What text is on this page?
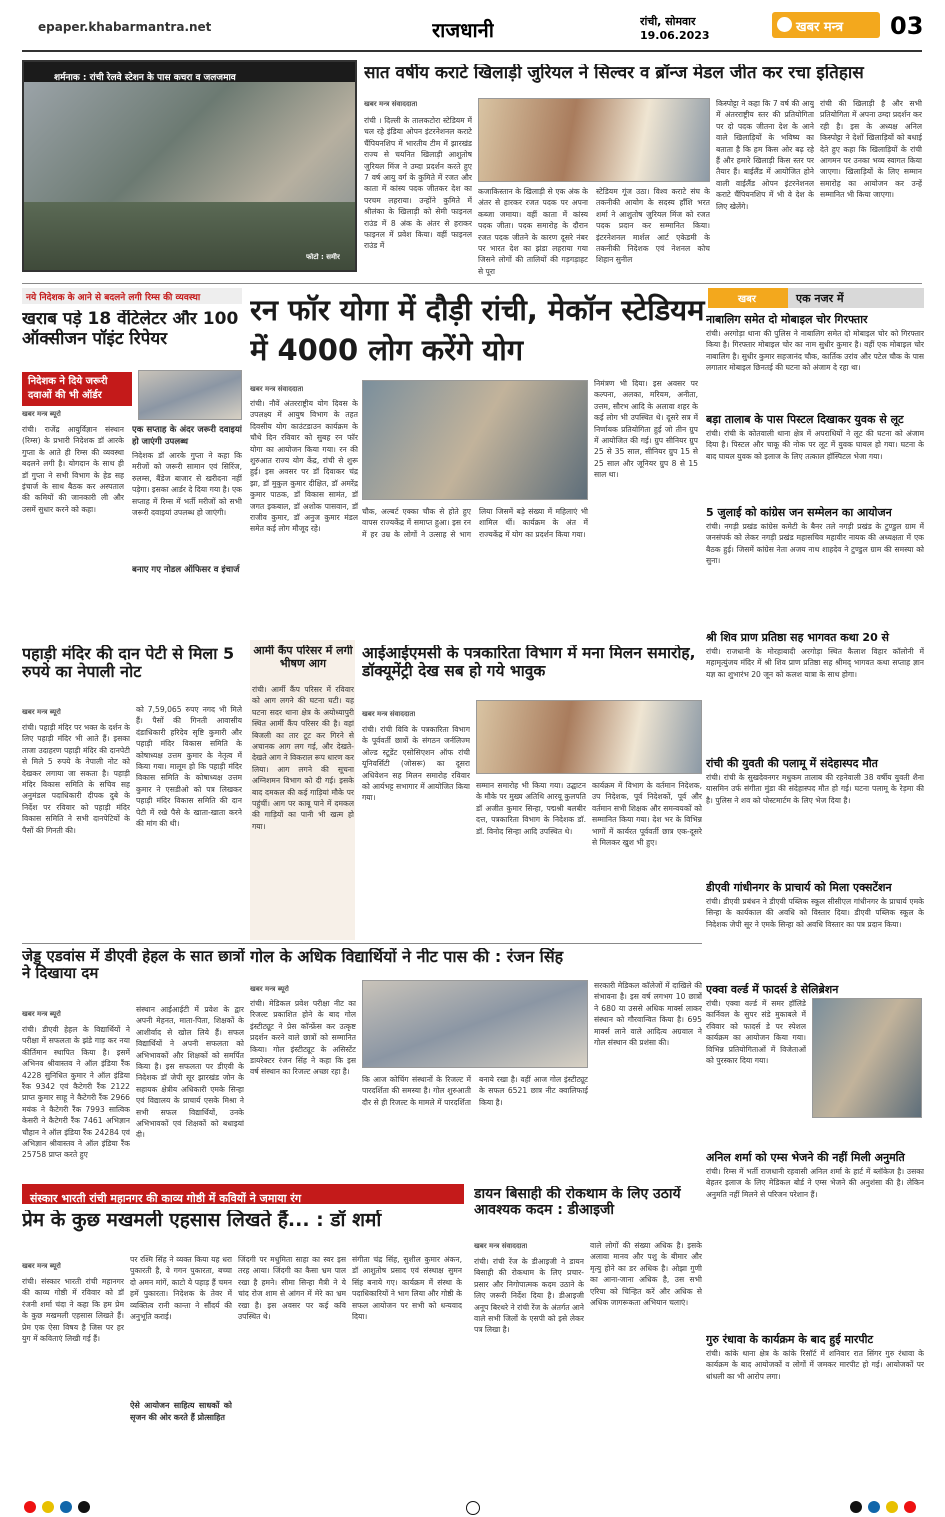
epaper.khabarmantra.net	राजधानी	रांची, सोमवार
19.06.2023
खबर मन्त्र	03
शर्मनाक : रांची रेलवे स्टेशन के पास कचरा व जलजमाव
फोटो : समीर
सात वर्षीय कराटे खिलाड़ी जुरियल ने सिल्वर व ब्रॉन्ज मेडल जीत कर रचा इतिहास
खबर मन्त्र संवाददाता
रांची । दिल्ली के तालकटोरा स्टेडियम में चल रहे इंडिया ओपन इंटरनेशनल कराटे चैंपियनशिप में भारतीय टीम में झारखंड राज्य से चयनित खिलाड़ी आशुतोष जुरियल मिंज ने उम्दा प्रदर्शन करते हुए 7 वर्ष आयु वर्ग के कुमिते में रजत और काता में कांस्य पदक जीतकर देश का परचम लहराया। उन्होंने कुमिते में श्रीलंका के खिलाड़ी को सेमी फाइनल राउंड में 8 अंक के अंतर से हराकर फाइनल में प्रवेश किया। वहीं फाइनल राउंड में
कजाकिस्तान के खिलाड़ी से एक अंक के अंतर से हारकर रजत पदक पर अपना कब्जा जमाया। वहीं काता में कांस्य पदक जीता। पदक समारोह के दौरान रजत पदक जीतने के कारण दूसरे नंबर पर भारत देश का झंडा लहराया गया जिसने लोगों की तालियों की गड़गड़ाहट से पूरा
स्टेडियम गूंज उठा। विश्व कराटे संघ के तकनीकी आयोग के सदस्य हाँशि भरत शर्मा ने आशुतोष जुरियल मिंज को रजत पदक प्रदान कर सम्मानित किया। इंटरनेशनल मार्शल आर्ट एकेडमी के तकनीकी निदेशक एवं नेशनल कोच शिहान सुनील
किस्पोट्टा ने कहा कि 7 वर्ष की आयु में अंतरराष्ट्रीय स्तर की प्रतियोगिता पर दो पदक जीतना देश के आने वाले खिलाड़ियों के भविष्य का बताता है कि हम किस ओर बढ़ रहे हैं और हमारे खिलाड़ी किस स्तर पर तैयार हैं। बाईलैंड में आयोजित होने वाली वाईलैंड ओपन इंटरनेशनल कराटे चैंपियनशिप में भी वे देश के लिए खेलेंगे।
रांची की खिलाड़ी है और सभी प्रतियोगिता में अपना उम्दा प्रदर्शन कर रही है। इस के अध्यक्ष अनिल किस्पोट्टा ने देशों खिलाड़ियों को बधाई देते हुए कहा कि खिलाड़ियों के रांची आगमन पर उनका भव्य स्वागत किया जाएगा। खिलाड़ियों के लिए सम्मान समारोह का आयोजन कर उन्हें सम्मानित भी किया जाएगा।
नये निदेशक के आने से बदलने लगी रिम्स की व्यवस्था
खराब पड़े 18 वेंटिलेटर और 100 ऑक्सीजन पॉइंट रिपेयर
निदेशक ने दिये जरूरी दवाओं की भी ऑर्डर
खबर मन्त्र ब्यूरो
रांची। राजेंद्र आयुर्विज्ञान संस्थान (रिम्स) के प्रभारी निदेशक डॉ आरके गुप्ता के आते ही रिम्स की व्यवस्था बदलने लगी है। योगदान के साथ ही डॉ गुप्ता ने सभी विभाग के हेड सह इंचार्ज के साथ बैठक कर अस्पताल की कमियों की जानकारी ली और उसमें सुधार करने को कहा।
एक सप्ताह के अंदर जरूरी दवाइयां हो जाएंगी उपलब्ध
निदेशक डॉ आरके गुप्ता ने कहा कि मरीजों को जरूरी सामान एवं सिरिंज, रुलम्स, बैंडेज बाजार से खरीदना नहीं पड़ेगा। इसका आर्डर दे दिया गया है। एक सप्ताह में रिम्स में भर्ती मरीजों को सभी जरूरी दवाइयां उपलब्ध हो जाएंगी।
बनाए गए नोडल ऑफिसर व इंचार्ज
रन फॉर योगा में दौड़ी रांची, मेकॉन स्टेडियम में 4000 लोग करेंगे योग
खबर मन्त्र संवाददाता
रांची। नौवें अंतरराष्ट्रीय योग दिवस के उपलक्ष्य में आयुष विभाग के तहत दिवसीय योग काउंटडाउन कार्यक्रम के चौथे दिन रविवार को सुबह रन फॉर योगा का आयोजन किया गया। रन की शुरुआत राज्य योग केंद्र, रांची से शुरू हुई। इस अवसर पर डॉ दिवाकर चंद्र झा, डॉ मुकुल कुमार दीक्षित, डॉ अमरेंद्र कुमार पाठक, डॉ विकास सामंत, डॉ जगत इकबाल, डॉ अशोक पासवान, डॉ राजीव कुमार, डॉ अनुज कुमार मंडल समेत कई लोग मौजूद रहे।
चौक, अल्बर्ट एक्का चौक से होते हुए वापस राज्यकेंद्र में समाप्त हुआ। इस रन में हर उम्र के लोगों ने उत्साह से भाग लिया जिसमें बड़े संख्या में महिलाएं भी शामिल थीं। कार्यक्रम के अंत में राज्यकेंद्र में योग का प्रदर्शन किया गया।
निमंत्रण भी दिया। इस अवसर पर कल्पना, अलका, मरियम, अनीता, उत्तम, सौरभ आदि के अलावा शहर के कई लोग भी उपस्थित थे। दूसरे सत्र में निर्णायक प्रतियोगिता हुई जो तीन ग्रुप में आयोजित की गई। ग्रुप सीनियर ग्रुप 25 से 35 साल, सीनियर ग्रुप 15 से 25 साल और जूनियर ग्रुप 8 से 15 साल था।
पहाड़ी मंदिर की दान पेटी से मिला 5 रुपये का नेपाली नोट
खबर मन्त्र ब्यूरो
रांची। पहाड़ी मंदिर पर भक्त के दर्शन के लिए पहाड़ी मंदिर भी आते हैं। इसका ताजा उदाहरण पहाड़ी मंदिर की दानपेटी से मिले 5 रुपये के नेपाली नोट को देखकर लगाया जा सकता है। पहाड़ी मंदिर विकास समिति के सचिव सह अनुमंडल पदाधिकारी दीपक दुबे के निर्देश पर रविवार को पहाड़ी मंदिर विकास समिति ने सभी दानपेटियों के पैसों की गिनती की।
को 7,59,065 रुपए नगद भी मिले हैं। पैसों की गिनती आवासीय दंडाधिकारी हरिदेव सृष्टि कुमारी और पहाड़ी मंदिर विकास समिति के कोषाध्यक्ष उत्तम कुमार के नेतृत्व में किया गया। मालूम हो कि पहाड़ी मंदिर विकास समिति के कोषाध्यक्ष उत्तम कुमार ने एसडीओ को पत्र लिखकर पहाड़ी मंदिर विकास समिति की दान पेटी में रखे पैसे के खाता-खाता करने की मांग की थी।
आर्मी कैंप परिसर में लगी भीषण आग
रांची। आर्मी कैंप परिसर में रविवार को आग लगने की घटना घटी। यह घटना सदर थाना क्षेत्र के अयोध्यापुरी स्थित आर्मी कैंप परिसर की है। वहां बिजली का तार टूट कर गिरने से अचानक आग लग गई, और देखते-देखते आग ने विकराल रूप धारण कर लिया। आग लगने की सूचना अग्निशमन विभाग को दी गई। इसके बाद दमकल की कई गाड़ियां मौके पर पहुंचीं। आग पर काबू पाने में दमकल की गाड़ियों का पानी भी खत्म हो गया।
आईआईएमसी के पत्रकारिता विभाग में मना मिलन समारोह, डॉक्यूमेंट्री देख सब हो गये भावुक
खबर मन्त्र संवाददाता
रांची। रांची विवि के पत्रकारिता विभाग के पूर्ववर्ती छात्रों के संगठन जर्नलिज्म ओल्ड स्टूडेंट एसोसिएशन ऑफ रांची यूनिवर्सिटी (जोसरू) का दूसरा अधिवेशन सह मिलन समारोह रविवार को आर्यभट्ट सभागार में आयोजित किया गया।
सम्मान समारोह भी किया गया। उद्घाटन के मौके पर मुख्य अतिथि आरयू कुलपति डॉ अजीत कुमार सिन्हा, पद्मश्री बलबीर दत्त, पत्रकारिता विभाग के निदेशक डॉ. डॉ. विनोद सिन्हा आदि उपस्थित थे।
कार्यक्रम में विभाग के वर्तमान निदेशक, उप निदेशक, पूर्व निदेशकों, पूर्व और वर्तमान सभी शिक्षक और समन्वयकों को सम्मानित किया गया। देश भर के विभिन्न भागों में कार्यरत पूर्ववर्ती छात्र एक-दूसरे से मिलकर खुश भी हुए।
जेड्ड एडवांस में डीएवी हेहल के सात छात्रों ने दिखाया दम
खबर मन्त्र ब्यूरो
रांची। डीएवी हेहल के विद्यार्थियों ने परीक्षा में सफलता के झंडे गाड़ कर नया कीर्तिमान स्थापित किया है। इसमें अभिनव श्रीवास्तव ने ऑल इंडिया रैंक 4228 सुनिधित कुमार ने ऑल इंडिया रैंक 9342 एवं कैटेगरी रैंक 2122 प्राप्त कुमार साहू ने कैटेगरी रैंक 2966 मयंक ने कैटेगरी रैंक 7993 सात्विक केसरी ने कैटेगरी रैंक 7461 अभिज्ञान चौहान ने ऑल इंडिया रैंक 24284 एवं अभिज्ञान श्रीवास्तव ने ऑल इंडिया रैंक 25758 प्राप्त करते हुए
संस्थान आईआईटी में प्रवेश के द्वार अपनी मेहनत, माता-पिता, शिक्षकों के आशीर्वाद से खोल लिये हैं। सफल विद्यार्थियों ने अपनी सफलता को अभिभावकों और शिक्षकों को समर्पित किया है। इस सफलता पर डीएवी के निदेशक डॉ जेपी सूर झारखंड जोन के सहायक क्षेत्रीय अधिकारी एमके सिन्हा एवं विद्यालय के प्राचार्य एसके मिश्रा ने सभी सफल विद्यार्थियों, उनके अभिभावकों एवं शिक्षकों को बधाइयां दी।
गोल के अधिक विद्यार्थियों ने नीट पास की : रंजन सिंह
खबर मन्त्र ब्यूरो
रांची। मेडिकल प्रवेश परीक्षा नीट का रिजल्ट प्रकाशित होने के बाद गोल इंस्टीट्यूट ने प्रेस कॉन्फ्रेंस कर उत्कृष्ट प्रदर्शन करने वाले छात्रों को सम्मानित किया। गोल इंस्टीट्यूट के असिस्टेंट डायरेक्टर रंजन सिंह ने कहा कि इस वर्ष संस्थान का रिजल्ट अच्छा रहा है।
कि आज कोचिंग संस्थानों के रिजल्ट में पारदर्शिता की समस्या है। गोल शुरुआती दौर से ही रिजल्ट के मामले में पारदर्शिता बनाये रखा है। वहीं आज गोल इंस्टीट्यूट के सफल 6521 छात्र नीट क्वालिफाई किया है।
सरकारी मेडिकल कॉलेजों में दाखिले की संभावना है। इस वर्ष लगभग 10 छात्रों ने 680 या उससे अधिक मार्क्स लाकर संस्थान को गौरवान्वित किया है। 695 मार्क्स लाने वाले आदित्य अग्रवाल ने गोल संस्थान की प्रशंसा की।
संस्कार भारती रांची महानगर की काव्य गोष्ठी में कवियों ने जमाया रंग
प्रेम के कुछ मखमली एहसास लिखते हैं... : डॉ शर्मा
खबर मन्त्र ब्यूरो
रांची। संस्कार भारती रांची महानगर की काव्य गोष्ठी में रविवार को डॉ रंजनी शर्मा चंदा ने कहा कि हम प्रेम के कुछ मखमली एहसास लिखते हैं। प्रेम एक ऐसा विषय है जिस पर हर युग में कविताएं लिखी गई हैं।
पर रश्मि सिंह ने व्यक्त किया यह धरा पुकारती है, वे गगन पुकारता, बच्चा दो अमन मांगें, काटो ये पहाड़ हैं चमन हमें पुकारता। निदेशक के तेवर में व्यक्तित्व रानी कान्ता ने सौंदर्य की अनुभूति कराई।
ऐसे आयोजन साहित्य साधकों को सृजन की ओर करते हैं प्रोत्साहित
जिंदगी पर मधुमिता साहा का स्वर इस तरह आया। जिंदगी का कैसा भ्रम पाल रखा है हमने। सीमा सिन्हा मैत्री ने ये चांद रोज शाम से आंगन में मेरे का भ्रम रखा है। इस अवसर पर कई कवि उपस्थित थे।
संगीता चंद्र सिंह, सुशील कुमार अंकन, डॉ आशुतोष प्रसाद एवं संस्थाक्ष सुमन सिंह बनाये गए। कार्यक्रम में संस्था के पदाधिकारियों ने भाग लिया और गोष्ठी के सफल आयोजन पर सभी को धन्यवाद दिया।
डायन बिसाही की रोकथाम के लिए उठायें आवश्यक कदम : डीआइजी
खबर मन्त्र संवाददाता
रांची। रांची रेंज के डीआइजी ने डायन बिसाही की रोकथाम के लिए प्रचार-प्रसार और निगोपात्मक कदम उठाने के लिए जरूरी निर्देश दिया है। डीआइजी अनूप बिरथरे ने रांची रेंज के अंतर्गत आने वाले सभी जिलों के एसपी को इसे लेकर पत्र लिखा है।
वाले लोगों की संख्या अधिक है। इसके अलावा मानव और पशु के बीमार और मृत्यु होने का डर अधिक है। ओझा गुणी का आना-जाना अधिक है, उस सभी एरिया को चिन्हित करें और अधिक से अधिक जागरूकता अभियान चलाएं।
खबर	एक नजर में
नाबालिग समेत दो मोबाइल चोर गिरफ्तार
रांची। अरगोड़ा थाना की पुलिस ने नाबालिग समेत दो मोबाइल चोर को गिरफ्तार किया है। गिरफ्तार मोबाइल चोर का नाम सुधीर कुमार है। वहीं एक मोबाइल चोर नाबालिग है। सुधीर कुमार सहजानंद चौक, कार्तिक उरांव और पटेल चौक के पास लगातार मोबाइल छिनतई की घटना को अंजाम दे रहा था।
बड़ा तालाब के पास पिस्टल दिखाकर युवक से लूट
रांची। रांची के कोतवाली थाना क्षेत्र में अपराधियों ने लूट की घटना को अंजाम दिया है। पिस्टल और चाकू की नोक पर लूट में युवक घायल हो गया। घटना के बाद घायल युवक को इलाज के लिए तत्काल हॉस्पिटल भेजा गया।
5 जुलाई को कांग्रेस जन सम्मेलन का आयोजन
रांची। नगड़ी प्रखंड कांग्रेस कमेटी के बैनर तले नगड़ी प्रखंड के टुण्डुल ग्राम में जनसंपर्क को लेकर नगड़ी प्रखंड महासचिव महावीर नायक की अध्यक्षता में एक बैठक हुई। जिसमें कांग्रेस नेता अजय नाथ शाहदेव ने टुण्डुल ग्राम की समस्या को सुना।
श्री शिव प्राण प्रतिष्ठा सह भागवत कथा 20 से
रांची। राजधानी के मोरहाबादी अरगोड़ा स्थित कैलाश विहार कॉलोनी में महामृत्युंजय मंदिर में श्री शिव प्राण प्रतिष्ठा सह श्रीमद् भागवत कथा सप्ताह ज्ञान यज्ञ का शुभारंभ 20 जून को कलश यात्रा के साथ होगा।
रांची की युवती की पलामू में संदेहास्पद मौत
रांची। रांची के सुखदेवनगर मधुकम तालाब की रहनेवाली 38 वर्षीय युवती शैना यासमिन उर्फ संगीता मुंडा की संदेहास्पद मौत हो गई। घटना पलामू के रेड़मा की है। पुलिस ने शव को पोस्टमार्टम के लिए भेज दिया है।
डीएवी गांधीनगर के प्राचार्य को मिला एक्सटेंशन
रांची। डीएवी प्रबंधन ने डीएवी पब्लिक स्कूल सीसीएल गांधीनगर के प्राचार्य एमके सिन्हा के कार्यकाल की अवधि को विस्तार दिया। डीएवी पब्लिक स्कूल के निदेशक जेपी सूर ने एमके सिन्हा को अवधि विस्तार का पत्र प्रदान किया।
एक्वा वर्ल्ड में फादर्स डे सेलिब्रेशन
रांची। एक्वा वर्ल्ड में समर हॉलिडे कार्निवल के सुपर संडे मुकाबले में रविवार को फादर्स डे पर स्पेशल कार्यक्रम का आयोजन किया गया। विभिन्न प्रतियोगिताओं में विजेताओं को पुरस्कार दिया गया।
अनिल शर्मा को एम्स भेजने की नहीं मिली अनुमति
रांची। रिम्स में भर्ती राजधानी रहवासी अनिल शर्मा के हार्ट में ब्लॉकेज है। उसका बेहतर इलाज के लिए मेडिकल बोर्ड ने एम्स भेजने की अनुशंसा की है। लेकिन अनुमति नहीं मिलने से परिजन परेशान हैं।
गुरु रंधावा के कार्यक्रम के बाद हुई मारपीट
रांची। कांके थाना क्षेत्र के कांके रिसॉर्ट में शनिवार रात सिंगर गुरु रंधावा के कार्यक्रम के बाद आयोजकों व लोगों में जमकर मारपीट हो गई। आयोजकों पर धांधली का भी आरोप लगा।
